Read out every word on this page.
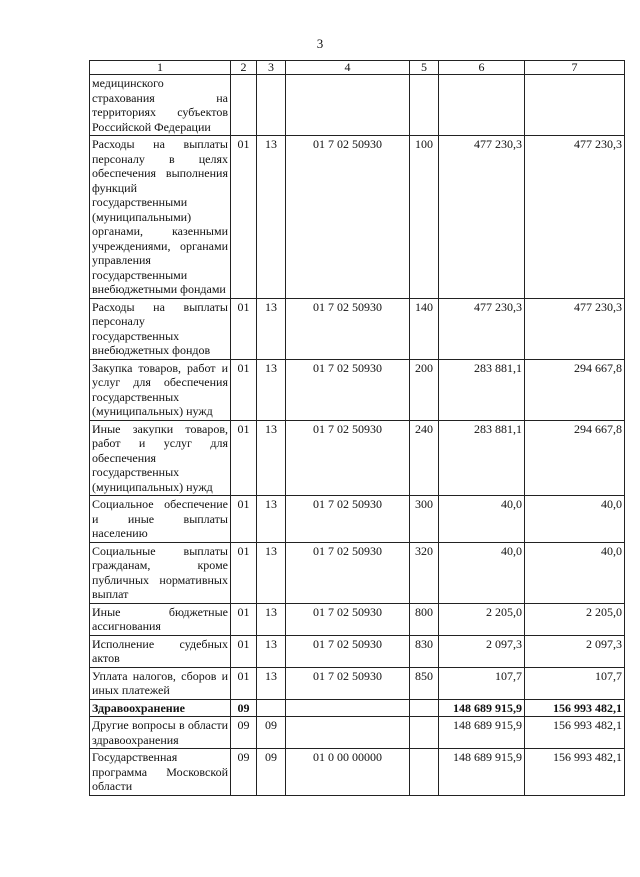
3
1	2	3	4	5	6	7
медицинского страхования на территориях субъектов Российской Федерации						
Расходы на выплаты персоналу в целях обеспечения выполнения функций государственными (муниципальными) органами, казенными учреждениями, органами управления государственными внебюджетными фондами	01	13	01 7 02 50930	100	477 230,3	477 230,3
Расходы на выплаты персоналу государственных внебюджетных фондов	01	13	01 7 02 50930	140	477 230,3	477 230,3
Закупка товаров, работ и услуг для обеспечения государственных (муниципальных) нужд	01	13	01 7 02 50930	200	283 881,1	294 667,8
Иные закупки товаров, работ и услуг для обеспечения государственных (муниципальных) нужд	01	13	01 7 02 50930	240	283 881,1	294 667,8
Социальное обеспечение и иные выплаты населению	01	13	01 7 02 50930	300	40,0	40,0
Социальные выплаты гражданам, кроме публичных нормативных выплат	01	13	01 7 02 50930	320	40,0	40,0
Иные бюджетные ассигнования	01	13	01 7 02 50930	800	2 205,0	2 205,0
Исполнение судебных актов	01	13	01 7 02 50930	830	2 097,3	2 097,3
Уплата налогов, сборов и иных платежей	01	13	01 7 02 50930	850	107,7	107,7
Здравоохранение	09				148 689 915,9	156 993 482,1
Другие вопросы в области здравоохранения	09	09			148 689 915,9	156 993 482,1
Государственная программа Московской области	09	09	01 0 00 00000		148 689 915,9	156 993 482,1
